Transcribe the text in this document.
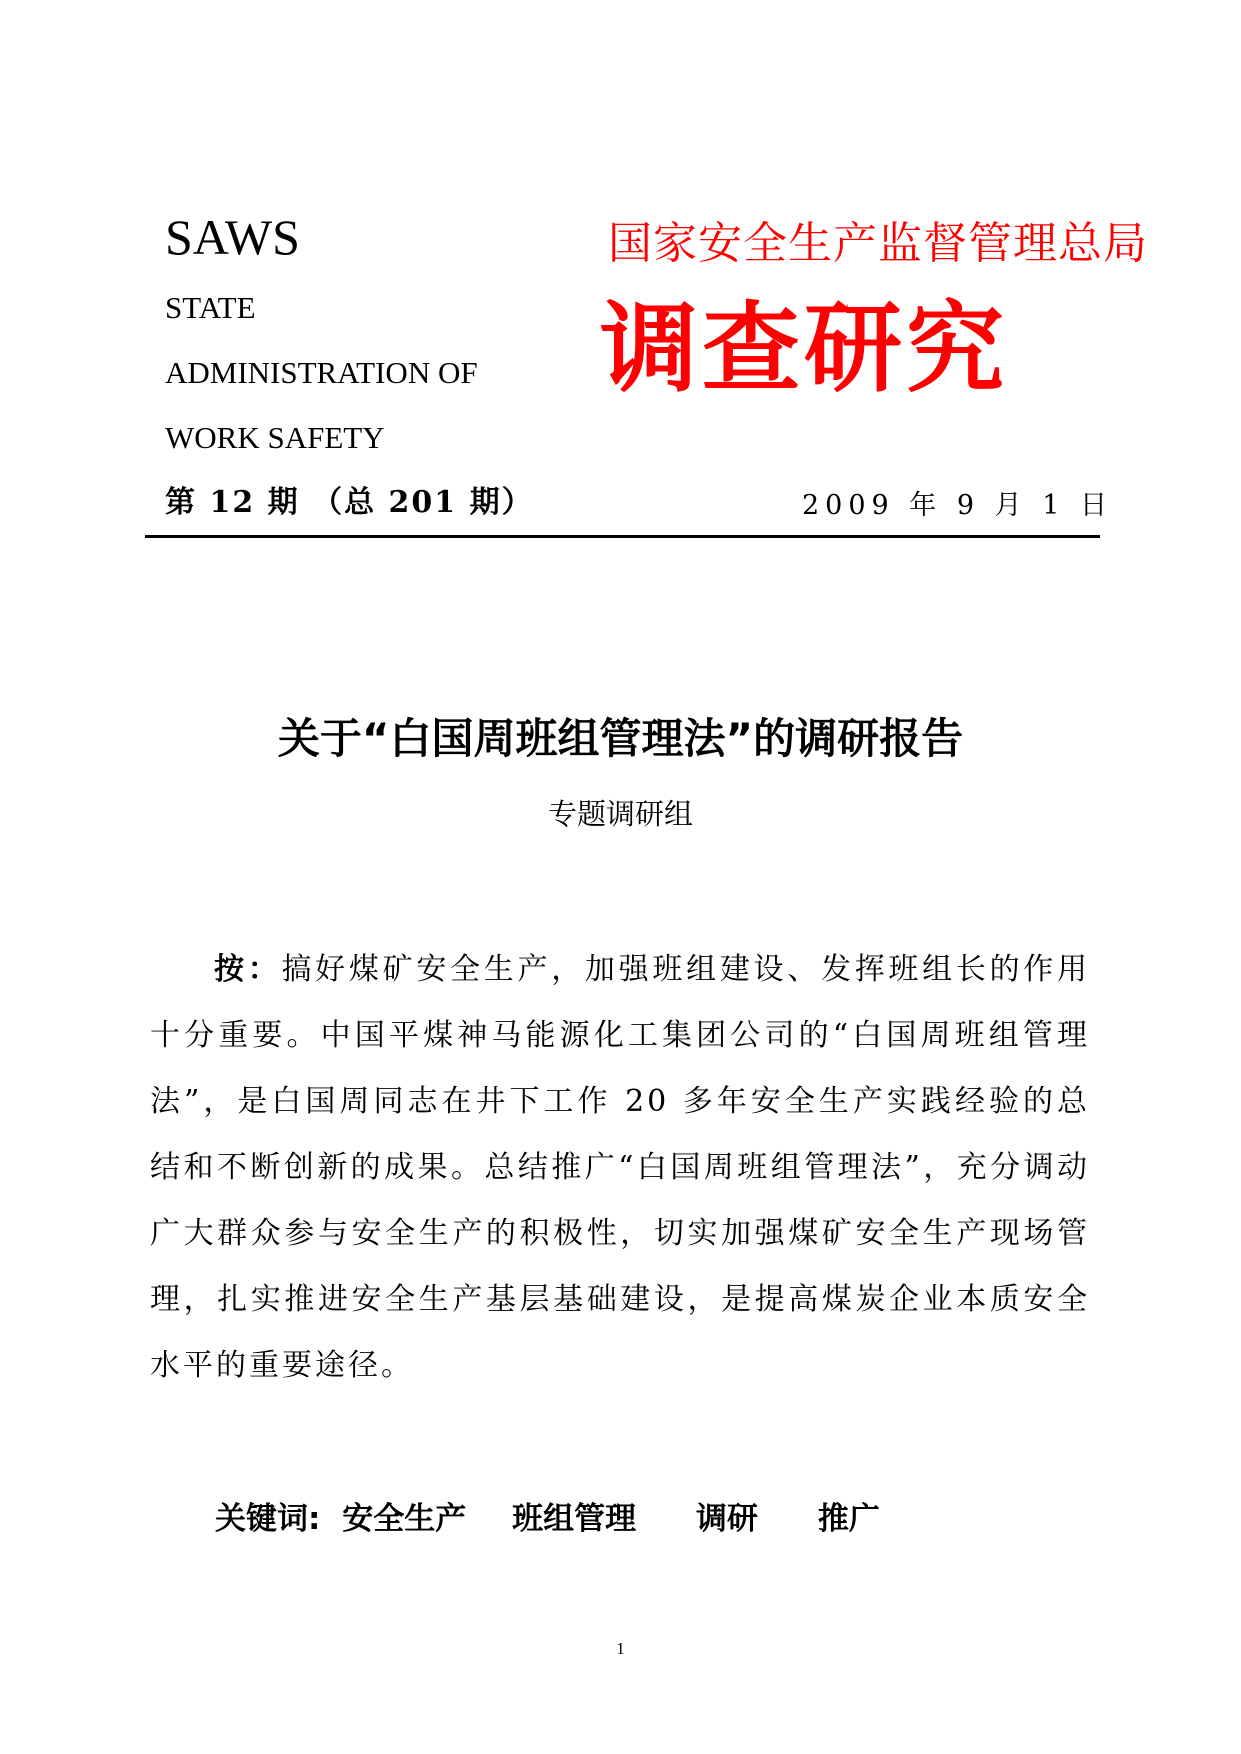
SAWS
STATE
ADMINISTRATION OF
WORK SAFETY
国家安全生产监督管理总局
调查研究
第 12 期 （总 201 期）	2009 年 9 月 1 日
关于“白国周班组管理法”的调研报告
专题调研组

按：搞好煤矿安全生产，加强班组建设、发挥班组长的作用十分重要。中国平煤神马能源化工集团公司的“白国周班组管理法”，是白国周同志在井下工作 20 多年安全生产实践经验的总结和不断创新的成果。总结推广“白国周班组管理法”，充分调动广大群众参与安全生产的积极性，切实加强煤矿安全生产现场管理，扎实推进安全生产基层基础建设，是提高煤炭企业本质安全水平的重要途径。

关键词: 安全生产 班组管理 调研 推广
1
